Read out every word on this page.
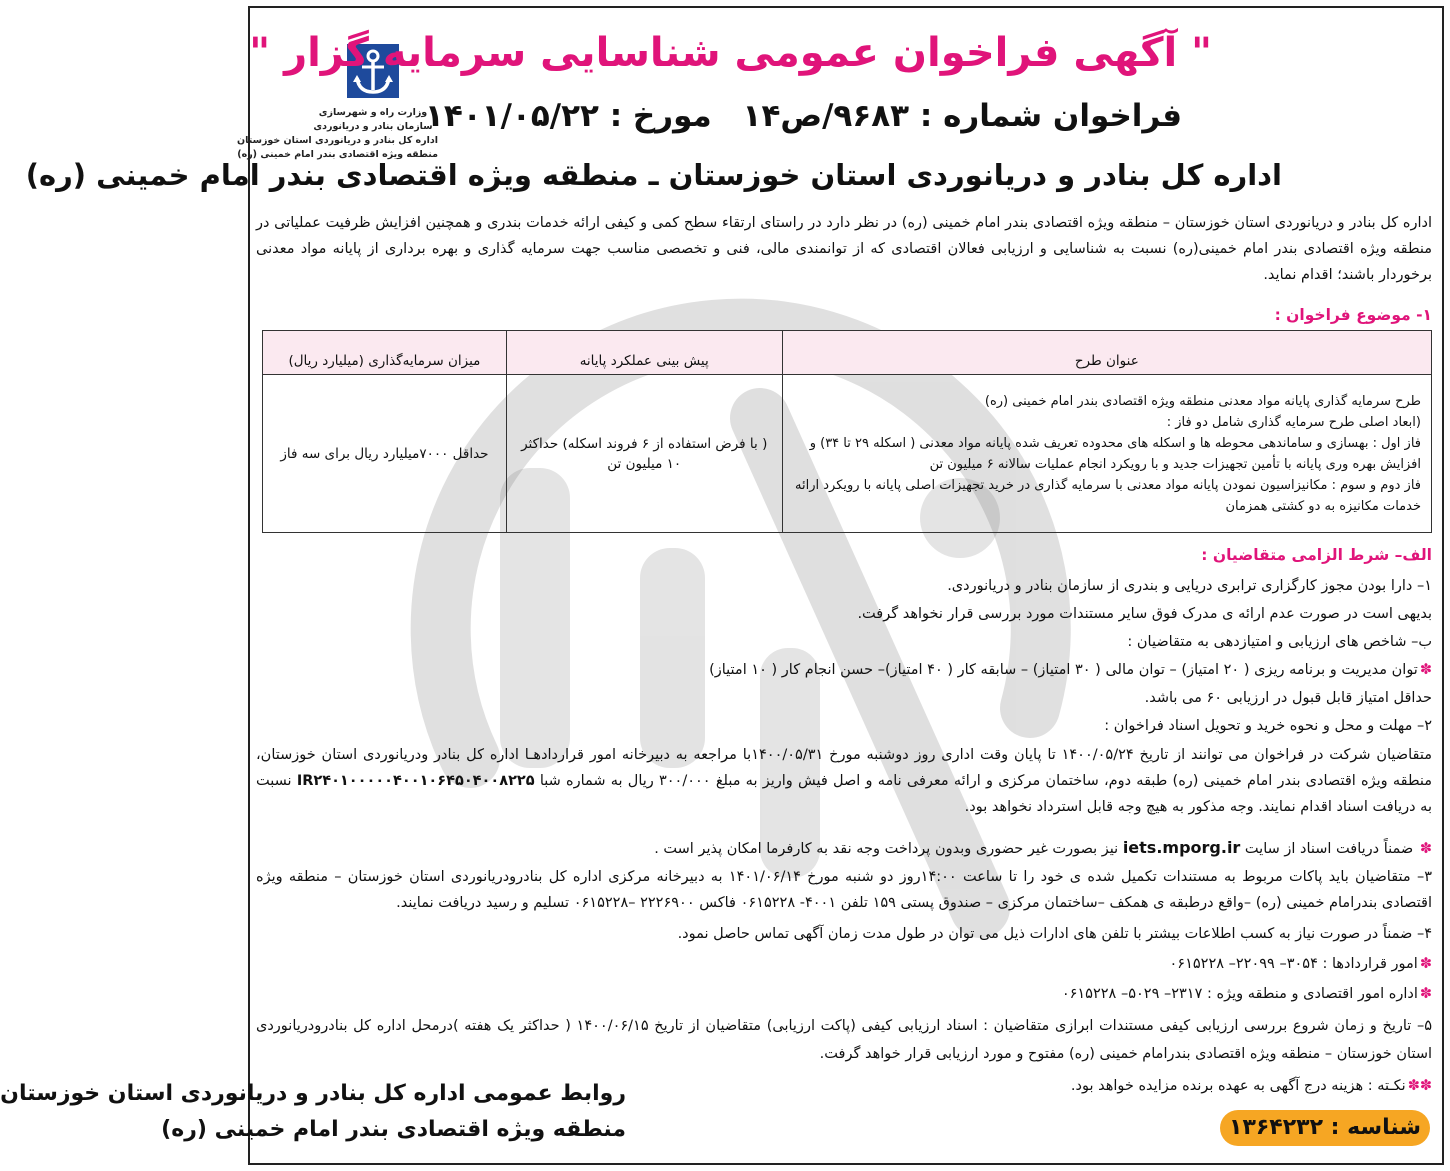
وزارت راه و شهرسازی
سازمان بنادر و دریانوردی
اداره کل بنادر و دریانوردی استان خوزستان
منطقه ویژه اقتصادی بندر امام خمینی (ره)
" آگهی فراخوان عمومی شناسایی سرمایه گزار "
فراخوان شماره : ۹۶۸۳/ص۱۴ مورخ : ۱۴۰۱/۰۵/۲۲
اداره کل بنادر و دریانوردی استان خوزستان ـ منطقه ویژه اقتصادی بندر امام خمینی (ره)
اداره کل بنادر و دریانوردی استان خوزستان – منطقه ویژه اقتصادی بندر امام خمینی (ره) در نظر دارد در راستای ارتقاء سطح کمی و کیفی ارائه خدمات بندری و همچنین افزایش ظرفیت عملیاتی در منطقه ویژه اقتصادی بندر امام خمینی(ره) نسبت به شناسایی و ارزیابی فعالان اقتصادی که از توانمندی مالی، فنی و تخصصی مناسب جهت سرمایه گذاری و بهره برداری از پایانه مواد معدنی برخوردار باشند؛ اقدام نماید.
۱- موضوع فراخوان :
عنوان طرح	پیش بینی عملکرد پایانه	میزان سرمایه‌گذاری (میلیارد ریال)

طرح سرمایه گذاری پایانه مواد معدنی منطقه ویژه اقتصادی بندر امام خمینی (ره)

(ابعاد اصلی طرح سرمایه گذاری شامل دو فاز :

فاز اول : بهسازی و ساماندهی محوطه ها و اسکله های محدوده تعریف شده پایانه مواد معدنی ( اسکله ۲۹ تا ۳۴) و افزایش بهره وری پایانه با تأمین تجهیزات جدید و با رویکرد انجام عملیات سالانه ۶ میلیون تن

فاز دوم و سوم : مکانیزاسیون نمودن پایانه مواد معدنی با سرمایه گذاری در خرید تجهیزات اصلی پایانه با رویکرد ارائه خدمات مکانیزه به دو کشتی همزمان	( با فرض استفاده از ۶ فروند اسکله) حداکثر ۱۰ میلیون تن	حداقل ۷۰۰۰میلیارد ریال برای سه فاز
الف– شرط الزامی متقاضیان :
۱– دارا بودن مجوز کارگزاری ترابری دریایی و بندری از سازمان بنادر و دریانوردی.
بدیهی است در صورت عدم ارائه ی مدرک فوق سایر مستندات مورد بررسی قرار نخواهد گرفت.
ب– شاخص های ارزیابی و امتیازدهی به متقاضیان :
✽توان مدیریت و برنامه ریزی ( ۲۰ امتیاز) – توان مالی ( ۳۰ امتیاز) – سابقه کار ( ۴۰ امتیاز)– حسن انجام کار ( ۱۰ امتیاز)
حداقل امتیاز قابل قبول در ارزیابی ۶۰ می باشد.
۲– مهلت و محل و نحوه خرید و تحویل اسناد فراخوان :
متقاضیان شرکت در فراخوان می توانند از تاریخ ۱۴۰۰/۰۵/۲۴ تا پایان وقت اداری روز دوشنبه مورخ ۱۴۰۰/۰۵/۳۱با مراجعه به دبیرخانه امور قراردادهـا اداره کل بنادر ودریانوردی استان خوزستان، منطقه ویژه اقتصادی بندر امام خمینی (ره) طبقه دوم، ساختمان مرکزی و ارائه معرفی نامه و اصل فیش واریز به مبلغ ۳۰۰/۰۰۰ ریال به شماره شبا IR۲۴۰۱۰۰۰۰۰۴۰۰۱۰۶۴۵۰۴۰۰۸۲۲۵ نسبت به دریافت اسناد اقدام نمایند. وجه مذکور به هیچ وجه قابل استرداد نخواهد بود.
✽ ضمناً دریافت اسناد از سایت iets.mporg.ir نیز بصورت غیر حضوری وبدون پرداخت وجه نقد به کارفرما امکان پذیر است .
۳– متقاضیان باید پاکات مربوط به مستندات تکمیل شده ی خود را تا ساعت ۱۴:۰۰روز دو شنبه مورخ ۱۴۰۱/۰۶/۱۴ به دبیرخانه مرکزی اداره کل بنادرودریانوردی استان خوزستان – منطقه ویژه اقتصادی بندرامام خمینی (ره) –واقع درطبقه ی همکف –ساختمان مرکزی – صندوق پستی ۱۵۹ تلفن ۴۰۰۱- ۰۶۱۵۲۲۸ فاکس ۲۲۲۶۹۰۰ –۰۶۱۵۲۲۸ تسلیم و رسید دریافت نمایند.
۴– ضمناً در صورت نیاز به کسب اطلاعات بیشتر با تلفن های ادارات ذیل می توان در طول مدت زمان آگهی تماس حاصل نمود.
✽امور قراردادها : ۳۰۵۴– ۲۲۰۹۹– ۰۶۱۵۲۲۸
✽اداره امور اقتصادی و منطقه ویژه : ۲۳۱۷– ۵۰۲۹– ۰۶۱۵۲۲۸
۵– تاریخ و زمان شروع بررسی ارزیابی کیفی مستندات ابرازی متقاضیان : اسناد ارزیابی کیفی (پاکت ارزیابی) متقاضیان از تاریخ ۱۴۰۰/۰۶/۱۵ ( حداکثر یک هفته )درمحل اداره کل بنادرودریانوردی استان خوزستان – منطقه ویژه اقتصادی بندرامام خمینی (ره) مفتوح و مورد ارزیابی قرار خواهد گرفت.
✽✽نکـته : هزینه درج آگهی به عهده برنده مزایده خواهد بود.
روابط عمومی اداره کل بنادر و دریانوردی استان خوزستان
منطقه ویژه اقتصادی بندر امام خمینی (ره)	شناسه : ۱۳۶۴۲۳۲
